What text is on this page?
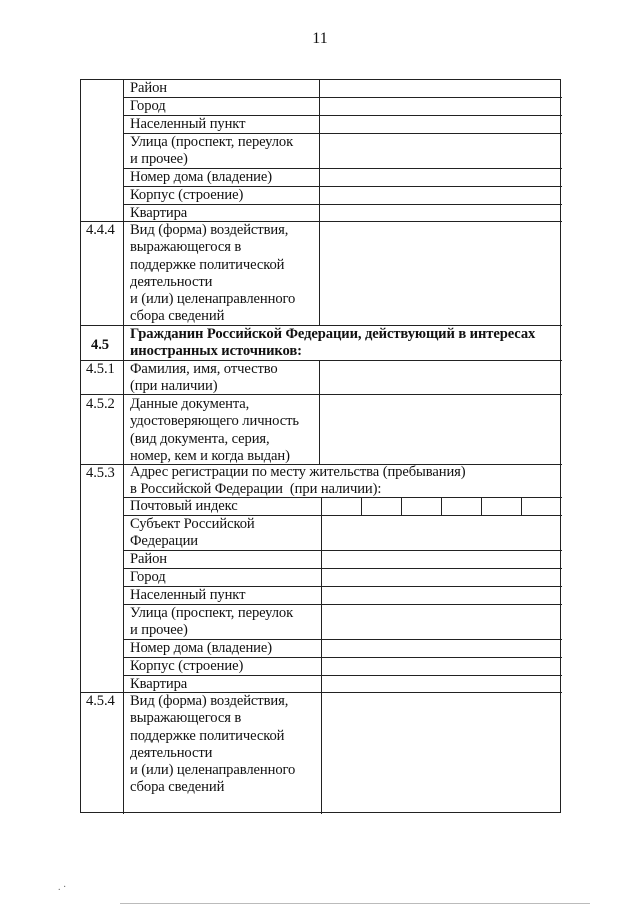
11
Район
Город
Населенный пункт
Улица (проспект, переулок
и прочее)
Номер дома (владение)
Корпус (строение)
Квартира
4.4.4 Вид (форма) воздействия,
выражающегося в
поддержке политической
деятельности
и (или) целенаправленного
сбора сведений
4.5
Гражданин Российской Федерации, действующий в интересах
иностранных источников:
4.5.1 Фамилия, имя, отчество
(при наличии)
4.5.2 Данные документа,
удостоверяющего личность
(вид документа, серия,
номер, кем и когда выдан)
4.5.3 Адрес регистрации по месту жительства (пребывания)
в Российской Федерации  (при наличии):
Почтовый индекс
Субъект Российской
Федерации
Район
Город
Населенный пункт
Улица (проспект, переулок
и прочее)
Номер дома (владение)
Корпус (строение)
Квартира
4.5.4 Вид (форма) воздействия,
выражающегося в
поддержке политической
деятельности
и (или) целенаправленного
сбора сведений
. ·
